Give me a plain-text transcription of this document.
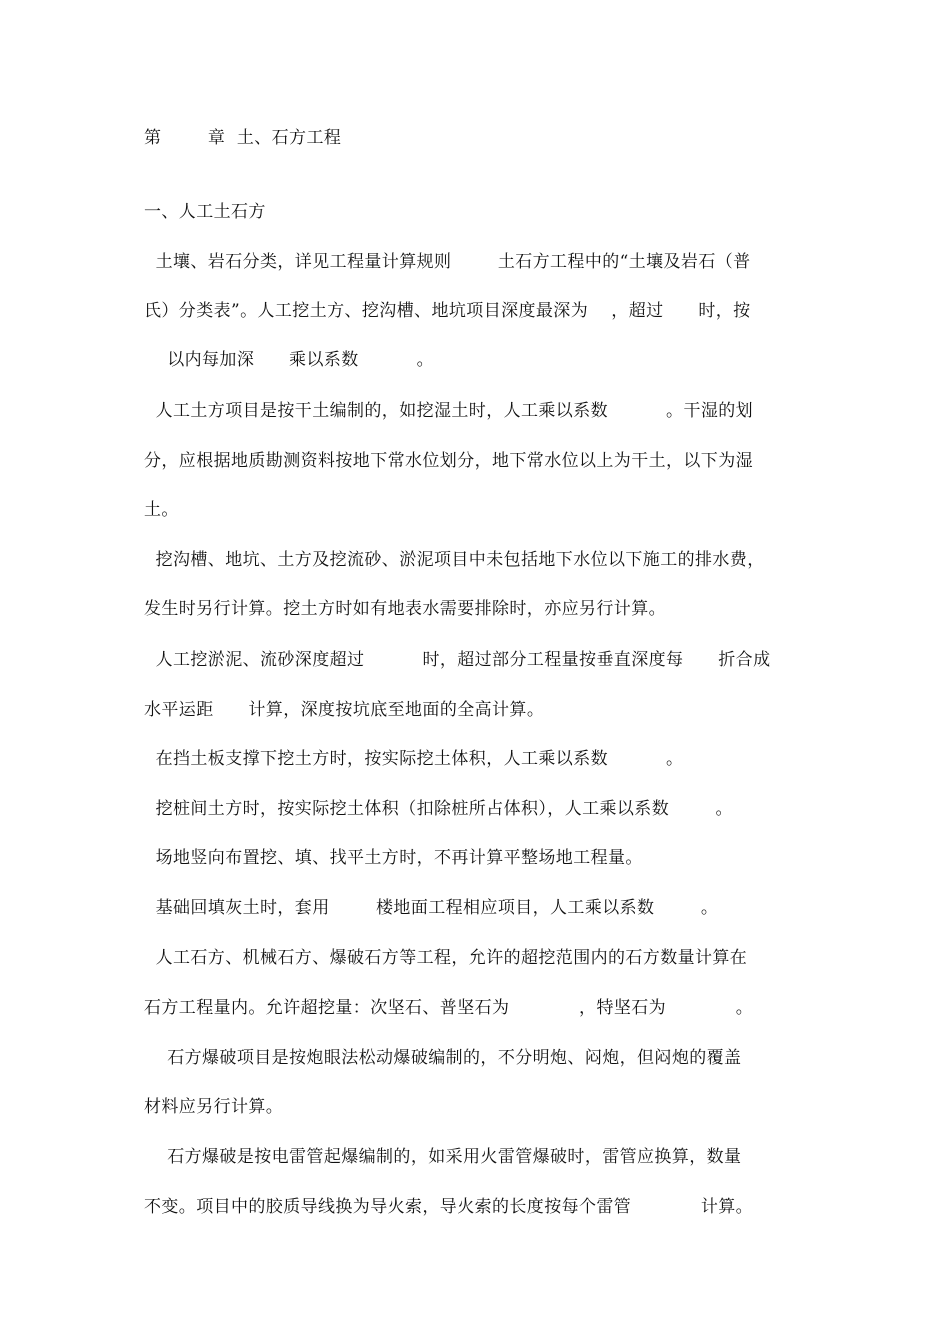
第        章  土、石方工程
一、人工土石方
土壤、岩石分类，详见工程量计算规则        土石方工程中的“土壤及岩石（普
氏）分类表”。人工挖土方、挖沟槽、地坑项目深度最深为    ，超过      时，按
以内每加深      乘以系数          。
人工土方项目是按干土编制的，如挖湿土时，人工乘以系数          。干湿的划
分，应根据地质勘测资料按地下常水位划分，地下常水位以上为干土，以下为湿
土。
挖沟槽、地坑、土方及挖流砂、淤泥项目中未包括地下水位以下施工的排水费，
发生时另行计算。挖土方时如有地表水需要排除时，亦应另行计算。
人工挖淤泥、流砂深度超过          时，超过部分工程量按垂直深度每      折合成
水平运距      计算，深度按坑底至地面的全高计算。
在挡土板支撑下挖土方时，按实际挖土体积，人工乘以系数          。
挖桩间土方时，按实际挖土体积（扣除桩所占体积），人工乘以系数        。
场地竖向布置挖、填、找平土方时，不再计算平整场地工程量。
基础回填灰土时，套用        楼地面工程相应项目，人工乘以系数        。
人工石方、机械石方、爆破石方等工程，允许的超挖范围内的石方数量计算在
石方工程量内。允许超挖量：次坚石、普坚石为            ，特坚石为            。
石方爆破项目是按炮眼法松动爆破编制的，不分明炮、闷炮，但闷炮的覆盖
材料应另行计算。
石方爆破是按电雷管起爆编制的，如采用火雷管爆破时，雷管应换算，数量
不变。项目中的胶质导线换为导火索，导火索的长度按每个雷管            计算。
